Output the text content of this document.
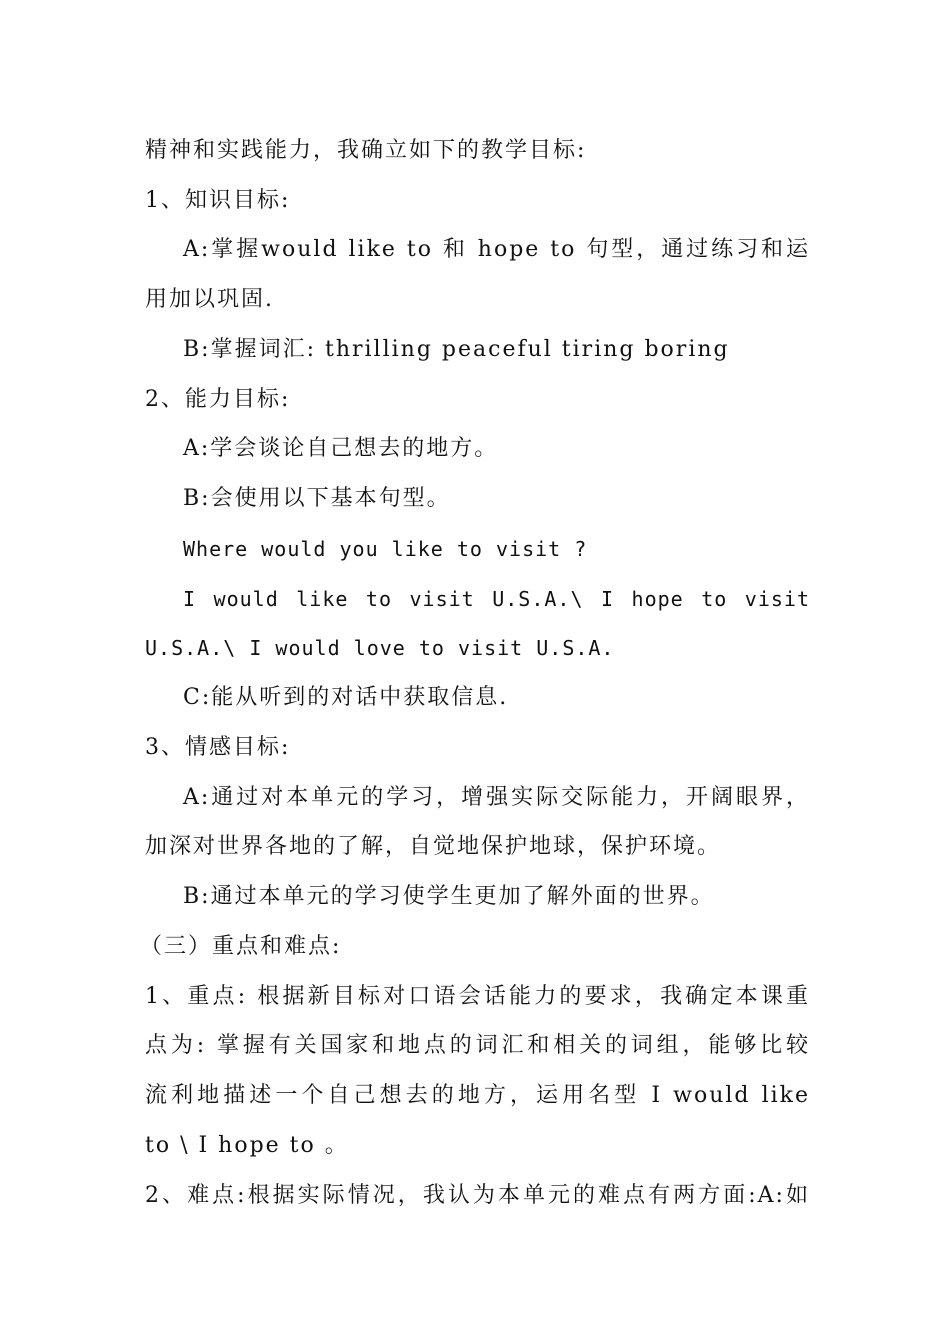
精神和实践能力，我确立如下的教学目标:
1、知识目标:
A:掌握would like to 和 hope to 句型，通过练习和运
用加以巩固.
B:掌握词汇: thrilling peaceful tiring boring
2、能力目标:
A:学会谈论自己想去的地方。
B:会使用以下基本句型。
Where would you like to visit ?
I would like to visit U.S.A.\ I hope to visit
U.S.A.\ I would love to visit U.S.A.
C:能从听到的对话中获取信息.
3、情感目标:
A:通过对本单元的学习，增强实际交际能力，开阔眼界，
加深对世界各地的了解，自觉地保护地球，保护环境。
B:通过本单元的学习使学生更加了解外面的世界。
（三）重点和难点:
1、重点: 根据新目标对口语会话能力的要求，我确定本课重
点为: 掌握有关国家和地点的词汇和相关的词组，能够比较
流利地描述一个自己想去的地方，运用名型 I would like
to \ I hope to 。
2、难点:根据实际情况，我认为本单元的难点有两方面:A:如
